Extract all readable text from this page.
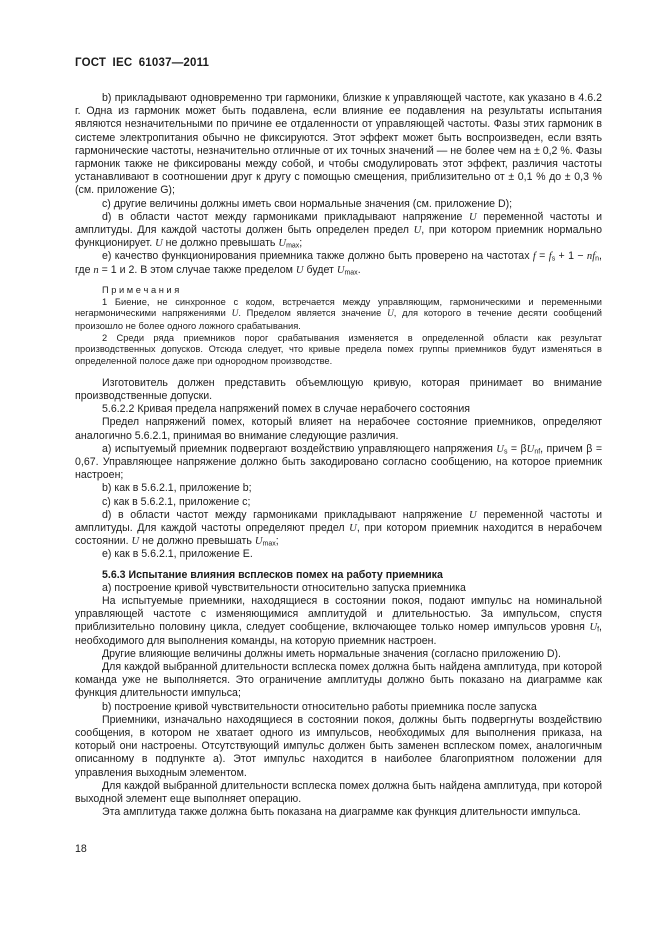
ГОСТ IEC 61037—2011

b) прикладывают одновременно три гармоники, близкие к управляющей частоте, как указано в 4.6.2 г. Одна из гармоник может быть подавлена, если влияние ее подавления на результаты испытания являются незначительными по причине ее отдаленности от управляющей частоты. Фазы этих гармоник в системе электропитания обычно не фиксируются. Этот эффект может быть воспроизведен, если взять гармонические частоты, незначительно отличные от их точных значений — не более чем на ± 0,2 %. Фазы гармоник также не фиксированы между собой, и чтобы смодулировать этот эффект, различия частоты устанавливают в соотношении друг к другу с помощью смещения, приблизительно от ± 0,1 % до ± 0,3 % (см. приложение G);

c) другие величины должны иметь свои нормальные значения (см. приложение D);

d) в области частот между гармониками прикладывают напряжение U переменной частоты и амплитуды. Для каждой частоты должен быть определен предел U, при котором приемник нормально функционирует. U не должно превышать $U_{max}$;

e) качество функционирования приемника также должно быть проверено на частотах $f = f_s + 1 - nf_n$, где n = 1 и 2. В этом случае также пределом U будет $U_{max}$.

П р и м е ч а н и я

1 Биение, не синхронное с кодом, встречается между управляющим, гармоническими и переменными негармоническими напряжениями U. Пределом является значение U, для которого в течение десяти сообщений произошло не более одного ложного срабатывания.

2 Среди ряда приемников порог срабатывания изменяется в определенной области как результат производственных допусков. Отсюда следует, что кривые предела помех группы приемников будут изменяться в определенной полосе даже при однородном производстве.

Изготовитель должен представить объемлющую кривую, которая принимает во внимание производственные допуски.

5.6.2.2 Кривая предела напряжений помех в случае нерабочего состояния

Предел напряжений помех, который влияет на нерабочее состояние приемников, определяют аналогично 5.6.2.1, принимая во внимание следующие различия.

a) испытуемый приемник подвергают воздействию управляющего напряжения $U_s = \beta U_{nf}$, причем β = 0,67. Управляющее напряжение должно быть закодировано согласно сообщению, на которое приемник настроен;

b) как в 5.6.2.1, приложение b;

c) как в 5.6.2.1, приложение c;

d) в области частот между гармониками прикладывают напряжение U переменной частоты и амплитуды. Для каждой частоты определяют предел U, при котором приемник находится в нерабочем состоянии. U не должно превышать $U_{max}$;

e) как в 5.6.2.1, приложение E.

5.6.3 Испытание влияния всплесков помех на работу приемника

a) построение кривой чувствительности относительно запуска приемника

На испытуемые приемники, находящиеся в состоянии покоя, подают импульс на номинальной управляющей частоте с изменяющимися амплитудой и длительностью. За импульсом, спустя приблизительно половину цикла, следует сообщение, включающее только номер импульсов уровня $U_f$, необходимого для выполнения команды, на которую приемник настроен.

Другие влияющие величины должны иметь нормальные значения (согласно приложению D).

Для каждой выбранной длительности всплеска помех должна быть найдена амплитуда, при которой команда уже не выполняется. Это ограничение амплитуды должно быть показано на диаграмме как функция длительности импульса;

b) построение кривой чувствительности относительно работы приемника после запуска

Приемники, изначально находящиеся в состоянии покоя, должны быть подвергнуты воздействию сообщения, в котором не хватает одного из импульсов, необходимых для выполнения приказа, на который они настроены. Отсутствующий импульс должен быть заменен всплеском помех, аналогичным описанному в подпункте a). Этот импульс находится в наиболее благоприятном положении для управления выходным элементом.

Для каждой выбранной длительности всплеска помех должна быть найдена амплитуда, при которой выходной элемент еще выполняет операцию.

Эта амплитуда также должна быть показана на диаграмме как функция длительности импульса.

18
